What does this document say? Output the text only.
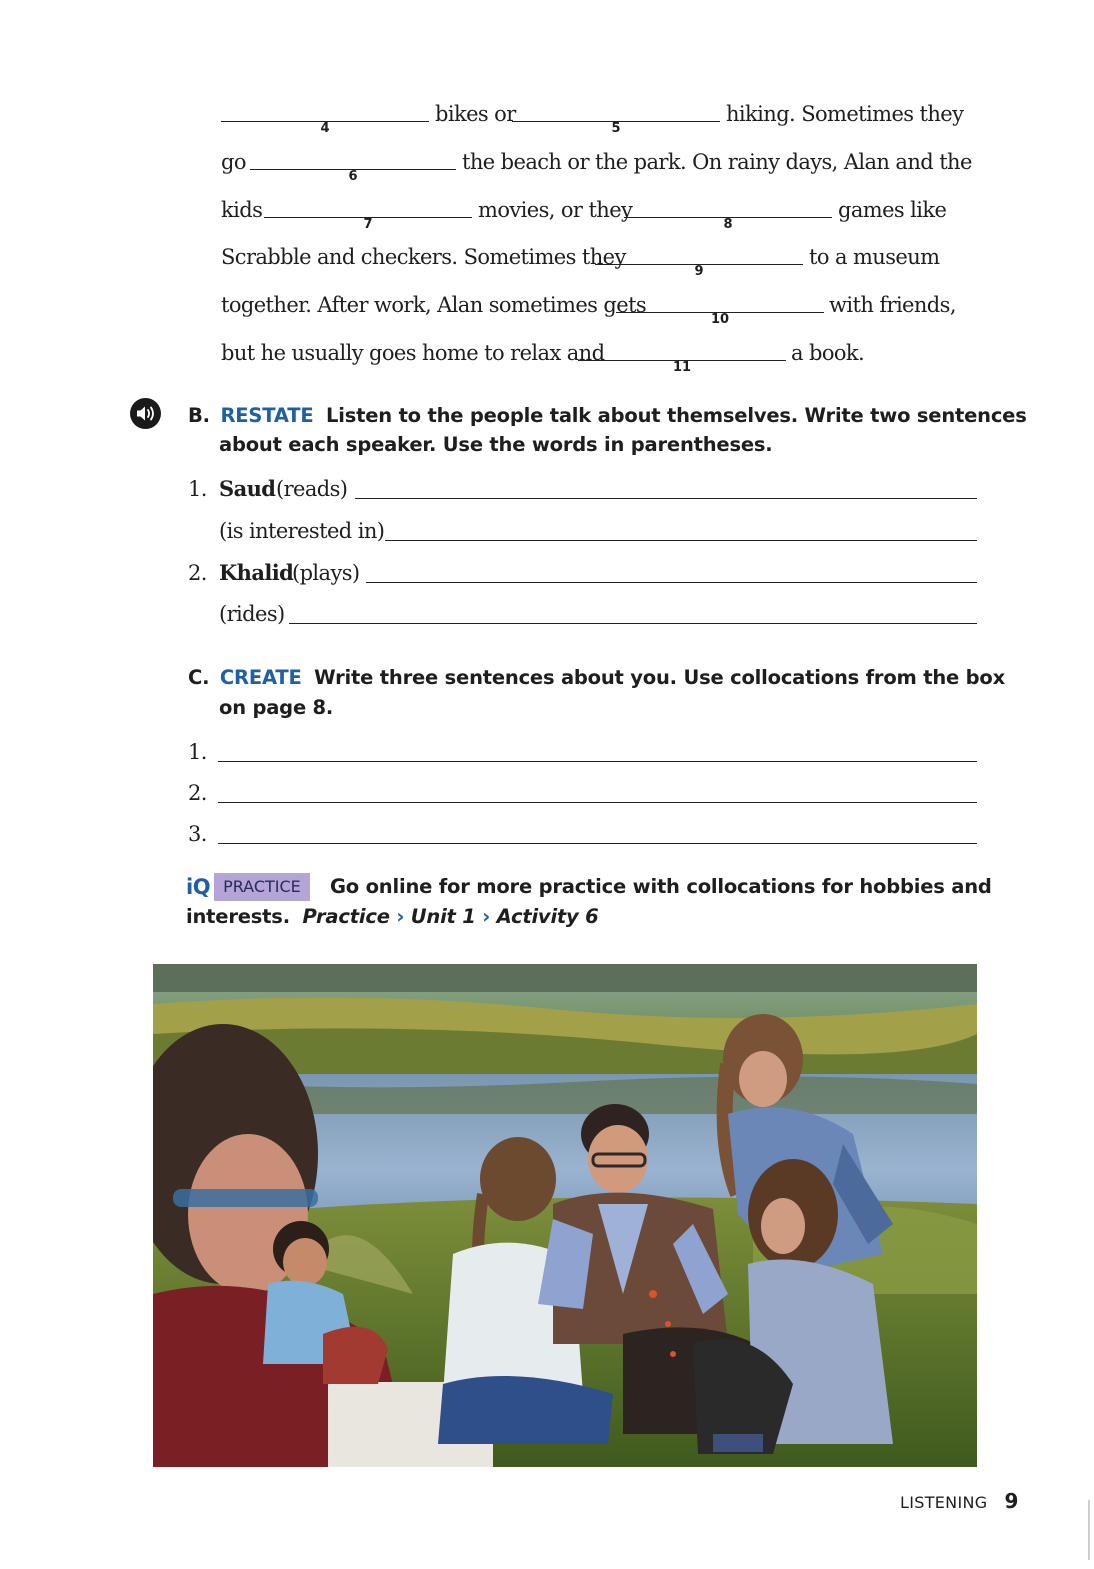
4
bikes or
5
hiking. Sometimes they
go
6
the beach or the park. On rainy days, Alan and the
kids
7
movies, or they
8
games like
Scrabble and checkers. Sometimes they
9
to a museum
together. After work, Alan sometimes gets
10
with friends,
but he usually goes home to relax and
11
a book.
B. RESTATE Listen to the people talk about themselves. Write two sentences
about each speaker. Use the words in parentheses.
1. Saud (reads)
(is interested in)
2. Khalid
(plays)
(rides)
C. CREATE Write three sentences about you. Use collocations from the box
on page 8.
1.
2.
3.
iQ PRACTICE	Go online for more practice with collocations for hobbies and
interests. Practice › Unit 1 › Activity 6
LISTENING 9
